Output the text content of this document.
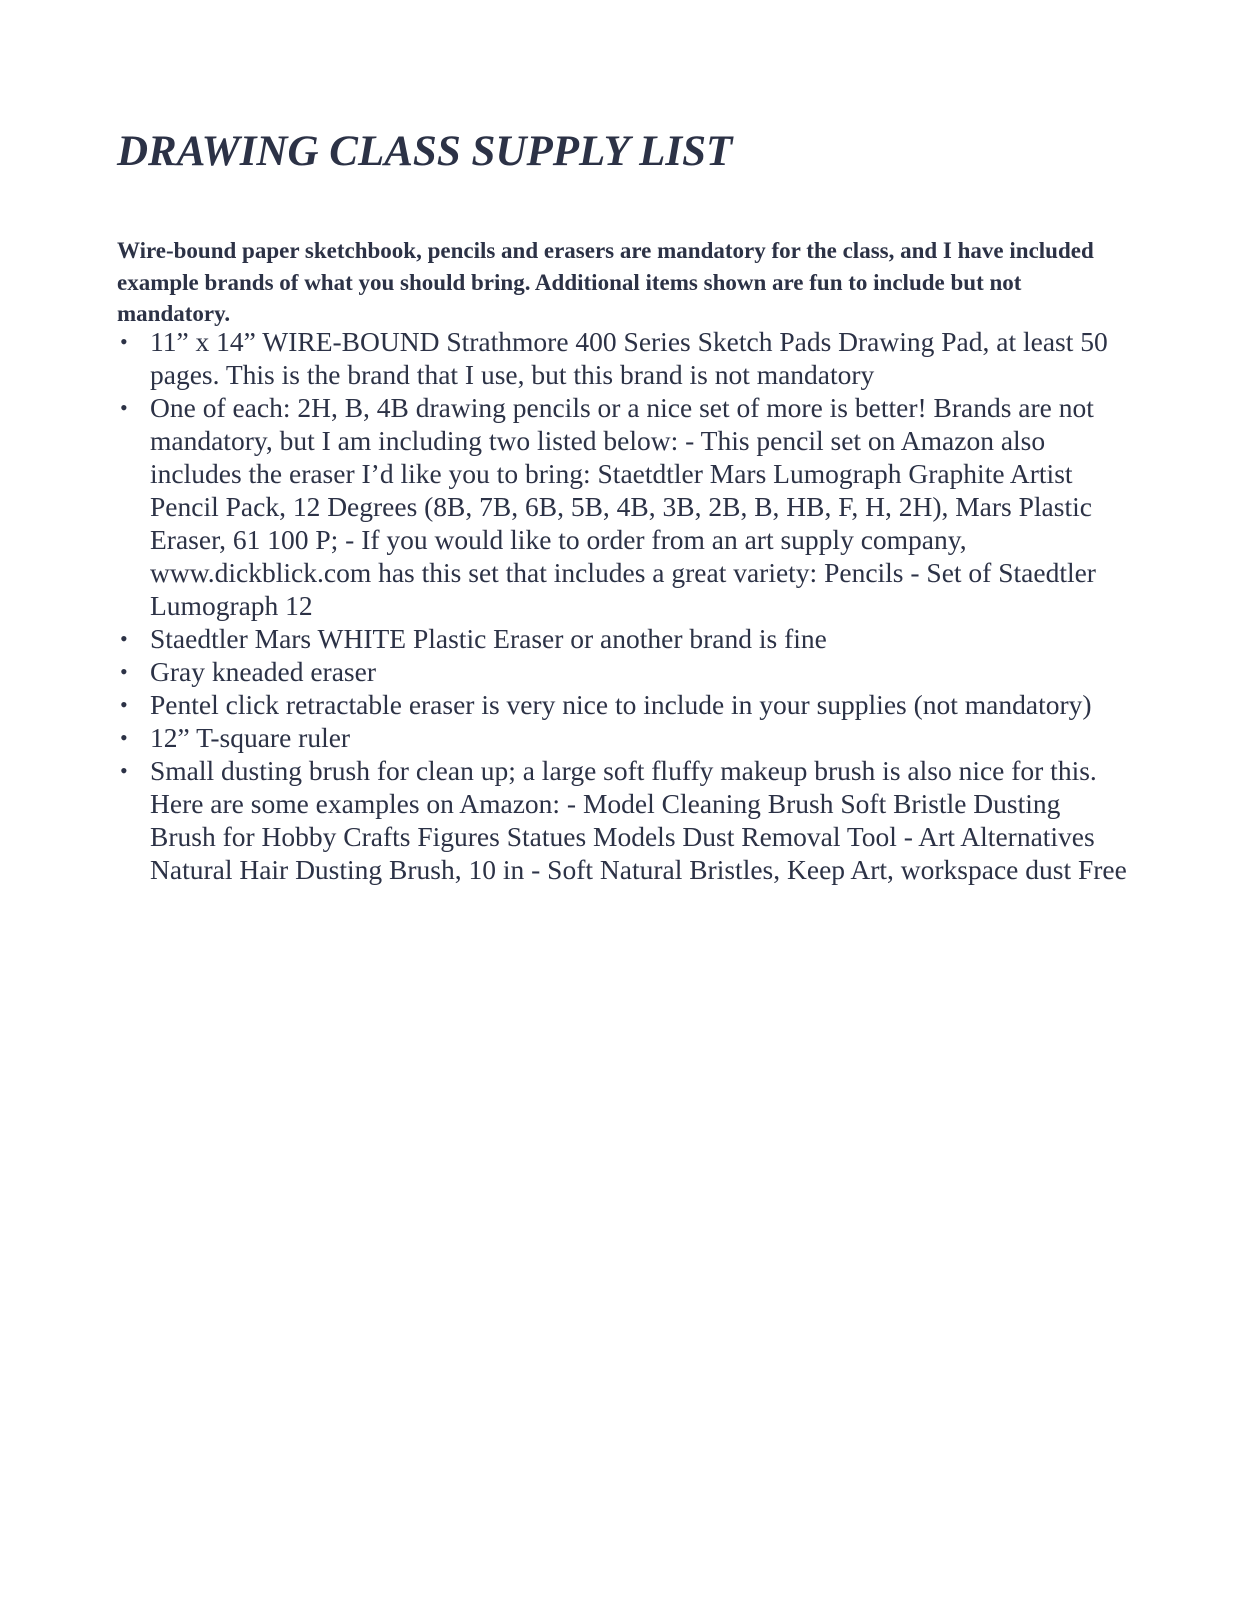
DRAWING CLASS SUPPLY LIST

Wire-bound paper sketchbook, pencils and erasers are mandatory for the class, and I have included example brands of what you should bring. Additional items shown are fun to include but not mandatory.

• 11” x 14” WIRE-BOUND Strathmore 400 Series Sketch Pads Drawing Pad, at least 50 pages. This is the brand that I use, but this brand is not mandatory
• One of each: 2H, B, 4B drawing pencils or a nice set of more is better! Brands are not mandatory, but I am including two listed below: - This pencil set on Amazon also includes the eraser I’d like you to bring: Staetdtler Mars Lumograph Graphite Artist Pencil Pack, 12 Degrees (8B, 7B, 6B, 5B, 4B, 3B, 2B, B, HB, F, H, 2H), Mars Plastic Eraser, 61 100 P; - If you would like to order from an art supply company, www.dickblick.com has this set that includes a great variety: Pencils - Set of Staedtler Lumograph 12
• Staedtler Mars WHITE Plastic Eraser or another brand is fine
• Gray kneaded eraser
• Pentel click retractable eraser is very nice to include in your supplies (not mandatory)
• 12” T-square ruler
• Small dusting brush for clean up; a large soft fluffy makeup brush is also nice for this. Here are some examples on Amazon: - Model Cleaning Brush Soft Bristle Dusting Brush for Hobby Crafts Figures Statues Models Dust Removal Tool - Art Alternatives Natural Hair Dusting Brush, 10 in - Soft Natural Bristles, Keep Art, workspace dust Free
